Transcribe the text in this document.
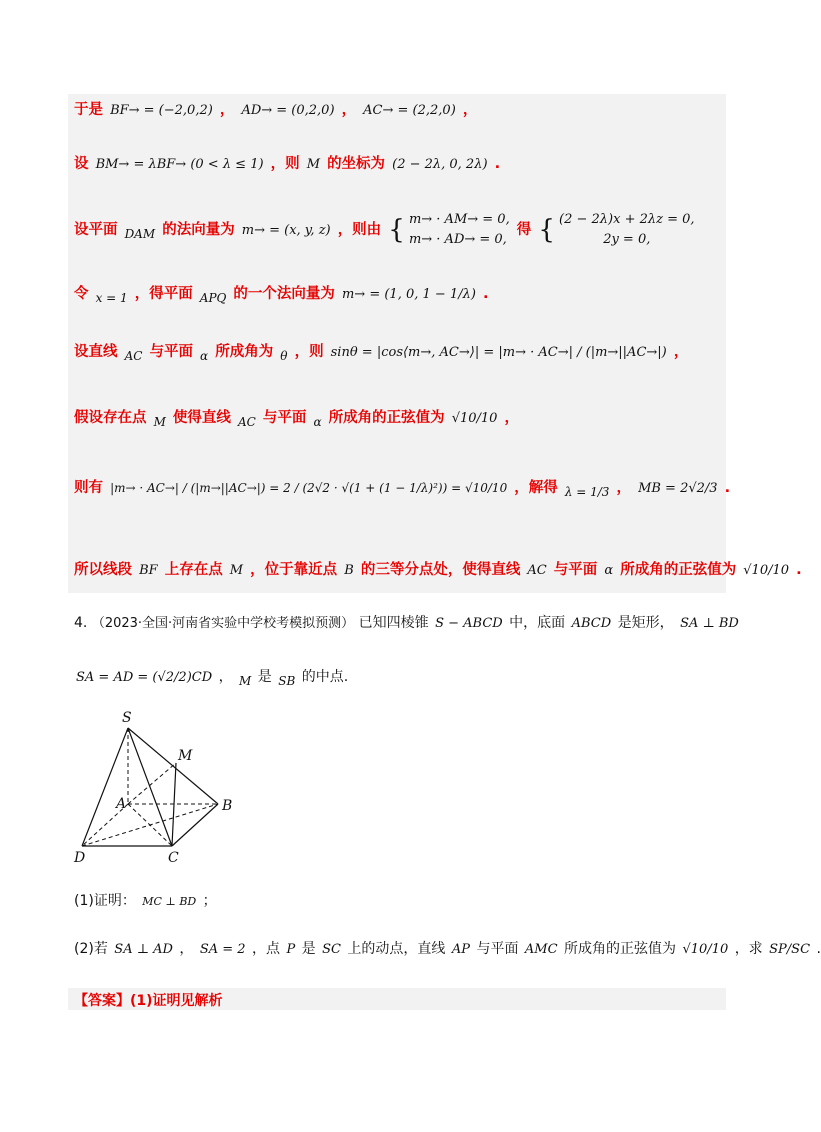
于是 BF→ = (−2,0,2) ， AD→ = (0,2,0) ， AC→ = (2,2,0) ，
设 BM→ = λBF→ (0 < λ ≤ 1) ，则 M 的坐标为 (2 − 2λ, 0, 2λ) .
设平面 DAM 的法向量为 m→ = (x, y, z) ，则由 { m→ · AM→ = 0,
m→ · AD→ = 0,
得 { (2 − 2λ)x + 2λz = 0,
2y = 0,
令 x = 1 ，得平面 APQ 的一个法向量为 m→ = (1, 0, 1 − 1/λ) .
设直线 AC 与平面 α 所成角为 θ ，则 sinθ = |cos⟨m→, AC→⟩| = |m→ · AC→| / (|m→||AC→|) ，
假设存在点 M 使得直线 AC 与平面 α 所成角的正弦值为 √10/10 ，
则有 |m→ · AC→| / (|m→||AC→|) = 2 / (2√2 · √(1 + (1 − 1/λ)²)) = √10/10 ，解得 λ = 1/3 ， MB = 2√2/3 .
所以线段 BF 上存在点 M ，位于靠近点 B 的三等分点处，使得直线 AC 与平面 α 所成角的正弦值为 √10/10 .
4. （2023·全国·河南省实验中学校考模拟预测） 已知四棱锥 S − ABCD 中，底面 ABCD 是矩形， SA ⊥ BD
SA = AD = (√2/2)CD ， M 是 SB 的中点.
S
M
A	B
D	C
(1)证明： MC ⊥ BD ；
(2)若 SA ⊥ AD ， SA = 2 ，点 P 是 SC 上的动点，直线 AP 与平面 AMC 所成角的正弦值为 √10/10 ，求 SP/SC .
【答案】(1)证明见解析
